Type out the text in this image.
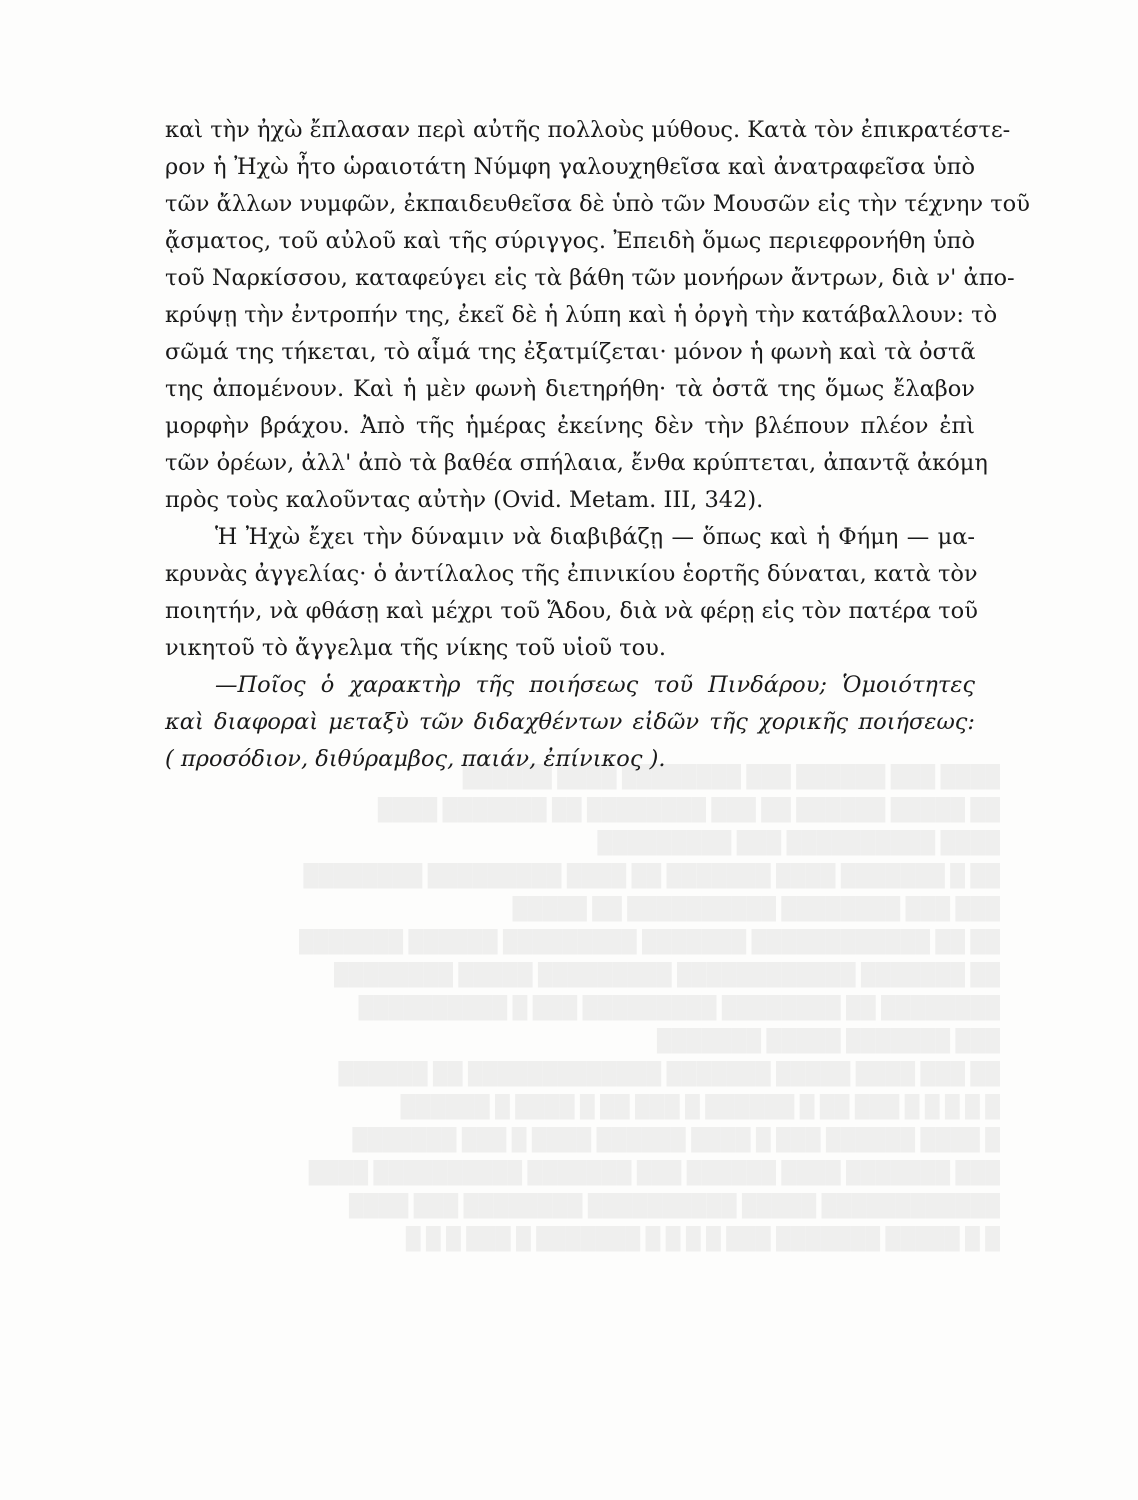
████ ███ ██████ ███ ████████ ████ ██████
██ █████ ██████ ██ ███ ████████ ██ ███████ ████
████ ██████████ ███ █████████
██ █ ███████ ████ ███████ ██ ████ █████████ ████████
███ ███ ████████ ██████████ ██ █████
██ ██ ████████████ ███████ █████████ ██████ ███████
██ ███████ ████████████ █████████ █████ ████████
████████ ██ ████████ █████████ ███ █ ██████████
███ ███████ █████ ███████
██ ███ ████ █████ ███████ █████████████ ██ ██████
█ █ █ █ █ ███ ██ █ ██████ █ ███ ██ █ ████ █ ██████
█ ████ ██████ ███ █ ████ ██████ ████ █ ███ ███████
███ ███████ ████ ██████ ███ ███████ ██████████ ████
████████████ █████ ██████████ ████████ ███ ████
█ █ █████ ███████ ███ █ █ █ █ ███████ █ ███ █ █ █
καὶ τὴν ἠχὼ ἔπλασαν περὶ αὐτῆς πολλοὺς μύθους. Κατὰ τὸν ἐπικρατέστε-
ρον ἡ Ἠχὼ ἦτο ὡραιοτάτη Νύμφη γαλουχηθεῖσα καὶ ἀνατραφεῖσα ὑπὸ
τῶν ἄλλων νυμφῶν, ἐκπαιδευθεῖσα δὲ ὑπὸ τῶν Μουσῶν εἰς τὴν τέχνην τοῦ
ᾄσματος, τοῦ αὐλοῦ καὶ τῆς σύριγγος. Ἐπειδὴ ὅμως περιεφρονήθη ὑπὸ
τοῦ Ναρκίσσου, καταφεύγει εἰς τὰ βάθη τῶν μονήρων ἄντρων, διὰ ν' ἀπο-
κρύψῃ τὴν ἐντροπήν της, ἐκεῖ δὲ ἡ λύπη καὶ ἡ ὀργὴ τὴν κατάβαλλουν: τὸ
σῶμά της τήκεται, τὸ αἷμά της ἐξατμίζεται· μόνον ἡ φωνὴ καὶ τὰ ὀστᾶ
της ἀπομένουν. Καὶ ἡ μὲν φωνὴ διετηρήθη· τὰ ὀστᾶ της ὅμως ἔλαβον
μορφὴν βράχου. Ἀπὸ τῆς ἡμέρας ἐκείνης δὲν τὴν βλέπουν πλέον ἐπὶ
τῶν ὀρέων, ἀλλ' ἀπὸ τὰ βαθέα σπήλαια, ἔνθα κρύπτεται, ἀπαντᾷ ἀκόμη
πρὸς τοὺς καλοῦντας αὐτὴν (Ovid. Metam. III, 342).
Ἡ Ἠχὼ ἔχει τὴν δύναμιν νὰ διαβιβάζῃ — ὅπως καὶ ἡ Φήμη — μα-
κρυνὰς ἀγγελίας· ὁ ἀντίλαλος τῆς ἐπινικίου ἑορτῆς δύναται, κατὰ τὸν
ποιητήν, νὰ φθάσῃ καὶ μέχρι τοῦ Ἅδου, διὰ νὰ φέρῃ εἰς τὸν πατέρα τοῦ
νικητοῦ τὸ ἄγγελμα τῆς νίκης τοῦ υἱοῦ του.
—Ποῖος ὁ χαρακτὴρ τῆς ποιήσεως τοῦ Πινδάρου; Ὁμοιότητες
καὶ διαφοραὶ μεταξὺ τῶν διδαχθέντων εἰδῶν τῆς χορικῆς ποιήσεως:
( προσόδιον, διθύραμβος, παιάν, ἐπίνικος ).
